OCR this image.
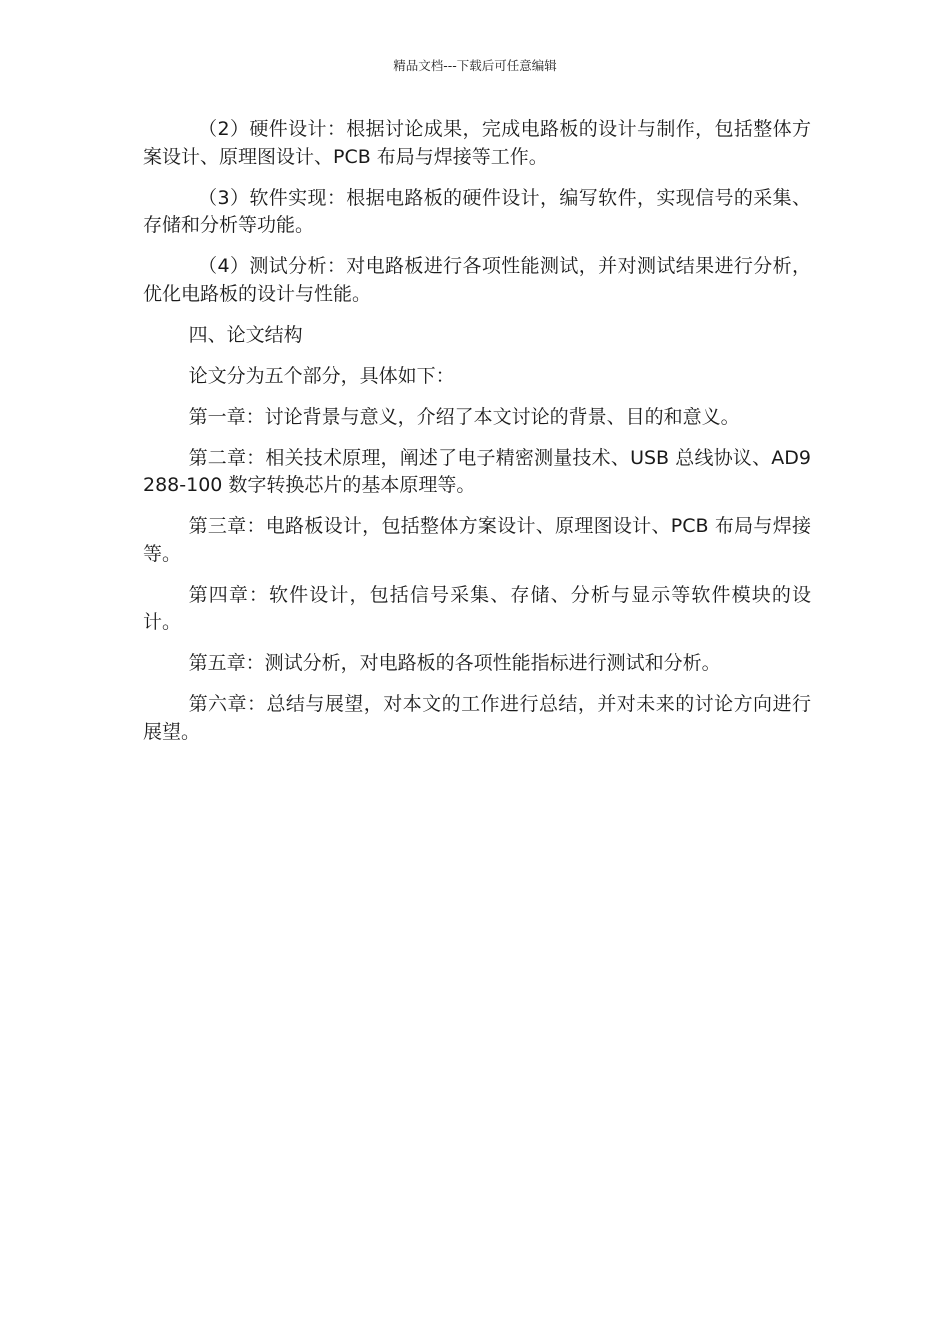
精品文档---下载后可任意编辑

（2）硬件设计：根据讨论成果，完成电路板的设计与制作，包括整体方案设计、原理图设计、PCB 布局与焊接等工作。

（3）软件实现：根据电路板的硬件设计，编写软件，实现信号的采集、存储和分析等功能。

（4）测试分析：对电路板进行各项性能测试，并对测试结果进行分析，优化电路板的设计与性能。

四、论文结构

论文分为五个部分，具体如下：

第一章：讨论背景与意义，介绍了本文讨论的背景、目的和意义。

第二章：相关技术原理，阐述了电子精密测量技术、USB 总线协议、AD9288-100 数字转换芯片的基本原理等。

第三章：电路板设计，包括整体方案设计、原理图设计、PCB 布局与焊接等。

第四章：软件设计，包括信号采集、存储、分析与显示等软件模块的设计。

第五章：测试分析，对电路板的各项性能指标进行测试和分析。

第六章：总结与展望，对本文的工作进行总结，并对未来的讨论方向进行展望。
